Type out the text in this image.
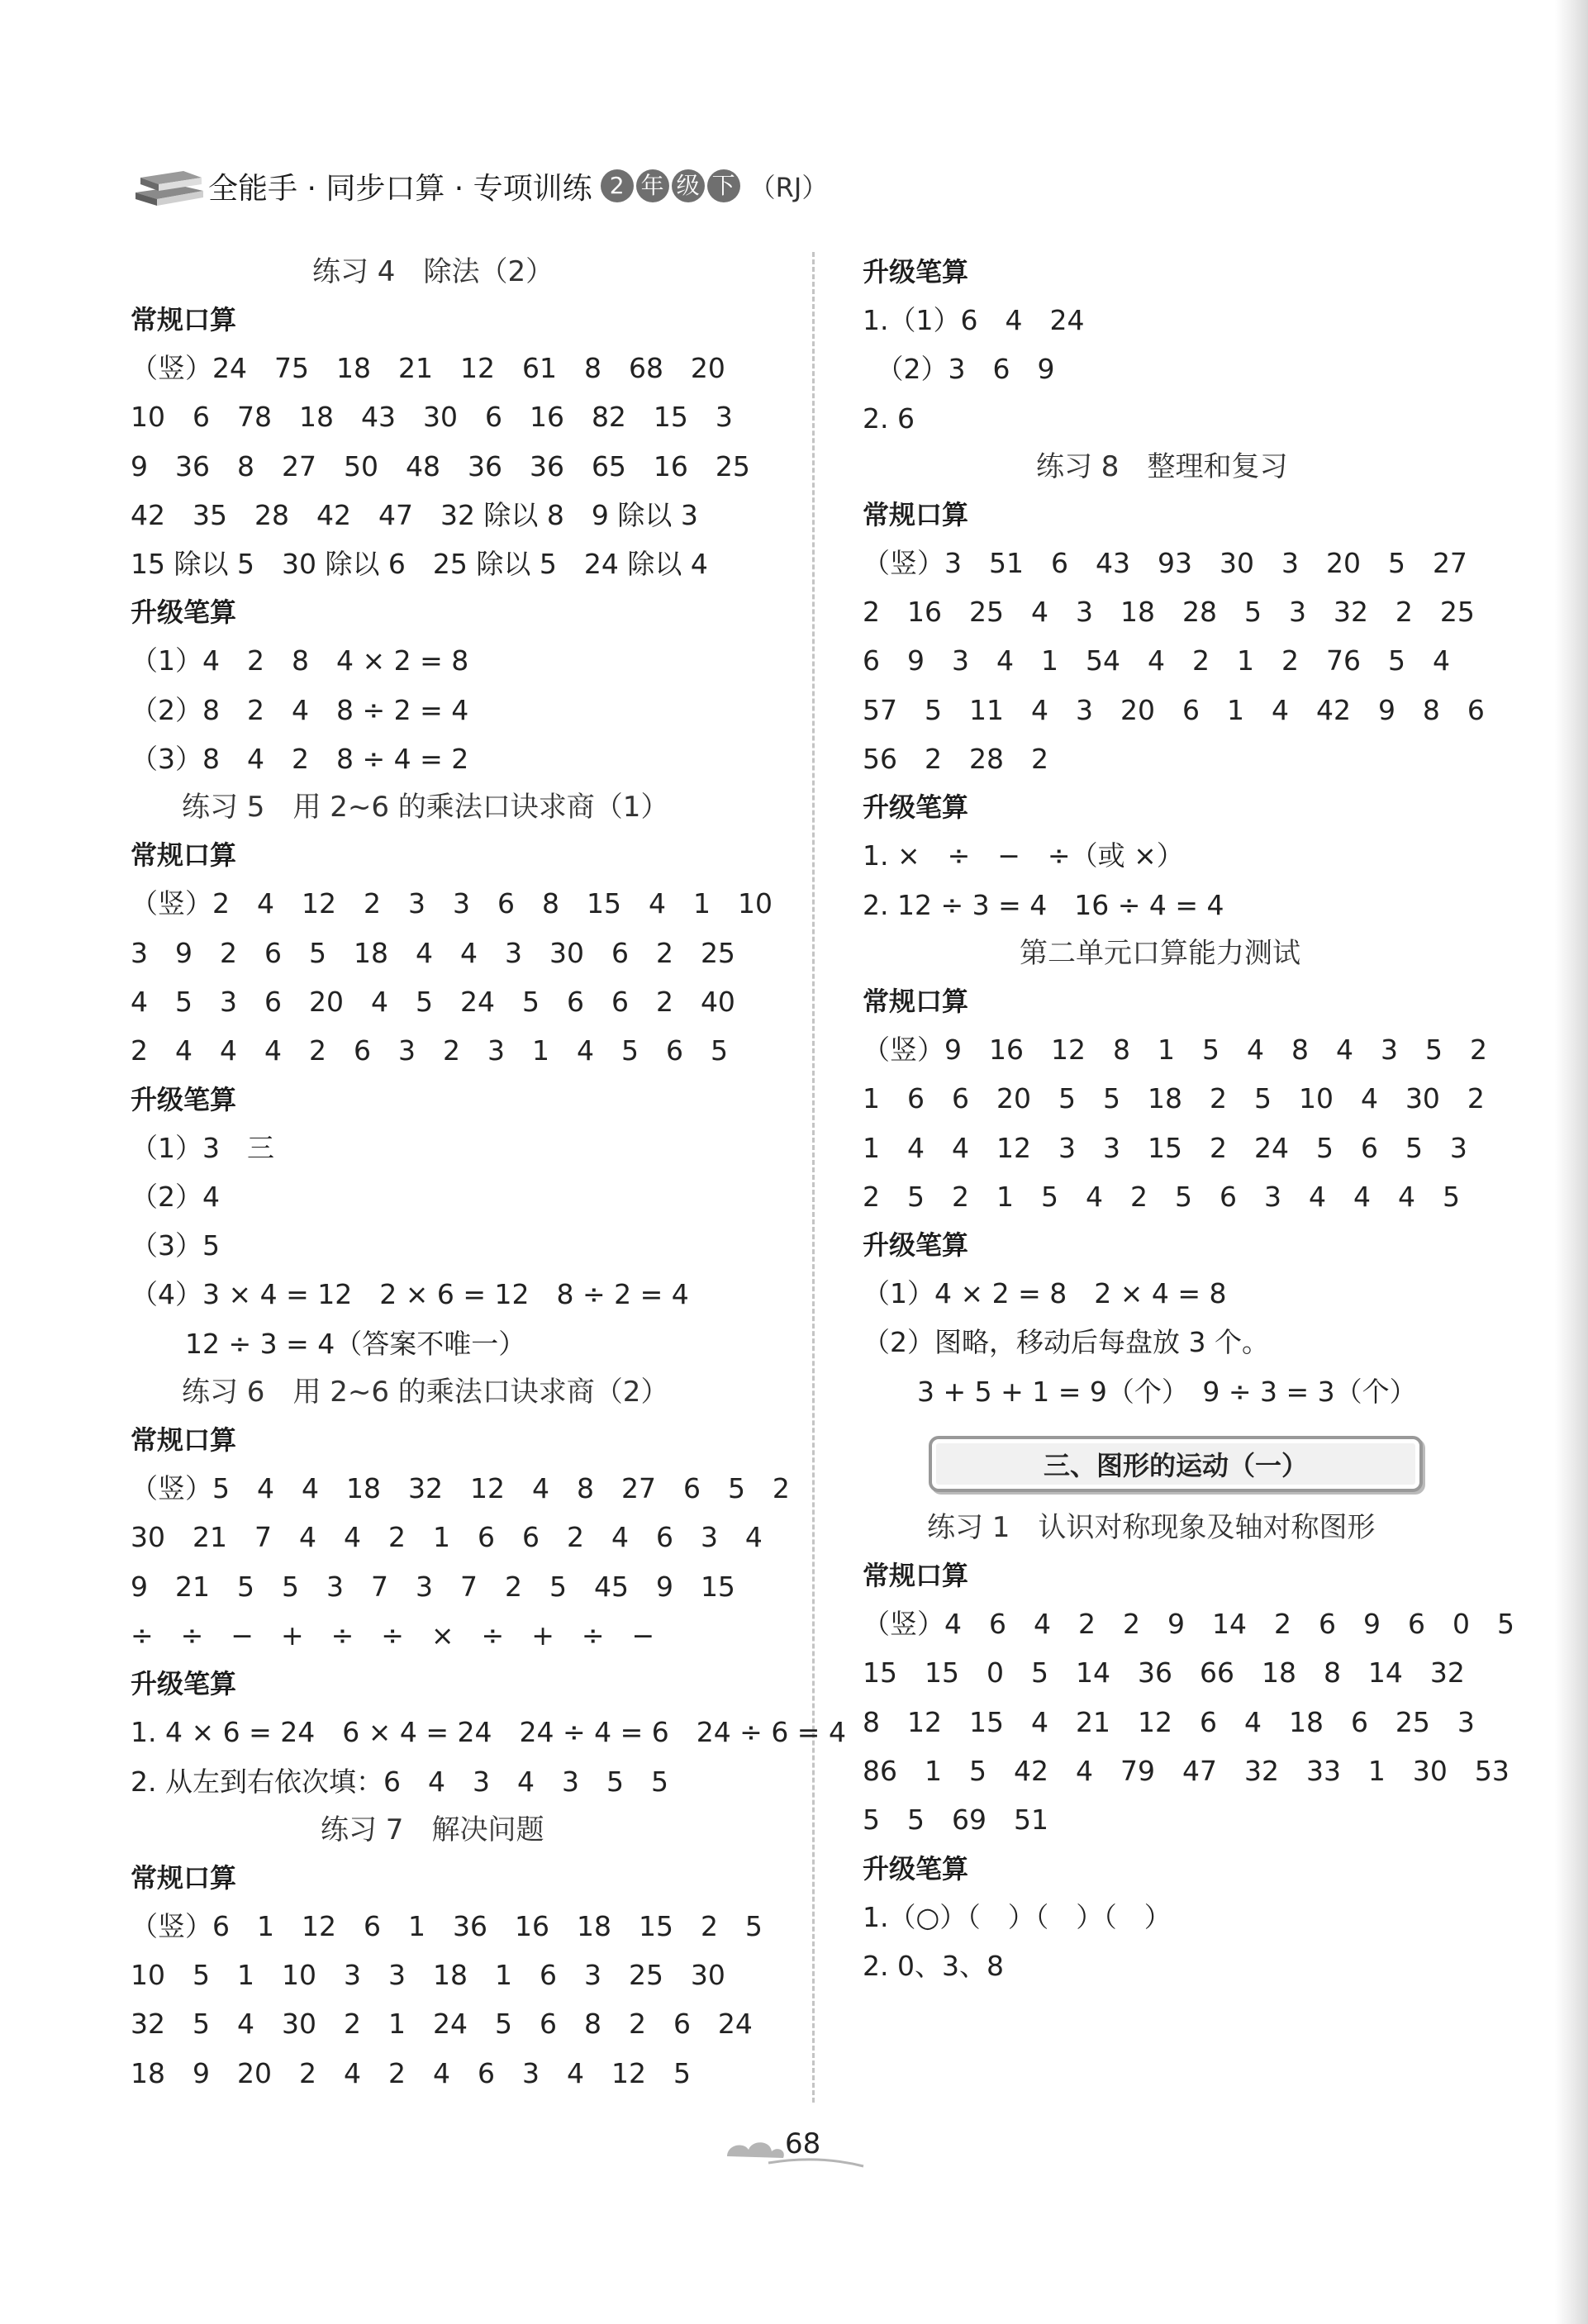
全能手 · 同步口算 · 专项训练 2 年 级 下 （RJ）
练习 4　除法（2）
常规口算
（竖）24　75　18　21　12　61　8　68　20
10　6　78　18　43　30　6　16　82　15　3
9　36　8　27　50　48　36　36　65　16　25
42　35　28　42　47　32 除以 8　9 除以 3
15 除以 5　30 除以 6　25 除以 5　24 除以 4
升级笔算
（1）4　2　8　4 × 2 = 8
（2）8　2　4　8 ÷ 2 = 4
（3）8　4　2　8 ÷ 4 = 2
练习 5　用 2~6 的乘法口诀求商（1）
常规口算
（竖）2　4　12　2　3　3　6　8　15　4　1　10
3　9　2　6　5　18　4　4　3　30　6　2　25
4　5　3　6　20　4　5　24　5　6　6　2　40
2　4　4　4　2　6　3　2　3　1　4　5　6　5
升级笔算
（1）3　三
（2）4
（3）5
（4）3 × 4 = 12　2 × 6 = 12　8 ÷ 2 = 4
　　12 ÷ 3 = 4（答案不唯一）
练习 6　用 2~6 的乘法口诀求商（2）
常规口算
（竖）5　4　4　18　32　12　4　8　27　6　5　2
30　21　7　4　4　2　1　6　6　2　4　6　3　4
9　21　5　5　3　7　3　7　2　5　45　9　15
÷　÷　−　+　÷　÷　×　÷　+　÷　−
升级笔算
1. 4 × 6 = 24　6 × 4 = 24　24 ÷ 4 = 6　24 ÷ 6 = 4
2. 从左到右依次填：6　4　3　4　3　5　5
练习 7　解决问题
常规口算
（竖）6　1　12　6　1　36　16　18　15　2　5
10　5　1　10　3　3　18　1　6　3　25　30
32　5　4　30　2　1　24　5　6　8　2　6　24
18　9　20　2　4　2　4　6　3　4　12　5
升级笔算
1.（1）6　4　24
　（2）3　6　9
2. 6
练习 8　整理和复习
常规口算
（竖）3　51　6　43　93　30　3　20　5　27
2　16　25　4　3　18　28　5　3　32　2　25
6　9　3　4　1　54　4　2　1　2　76　5　4
57　5　11　4　3　20　6　1　4　42　9　8　6
56　2　28　2
升级笔算
1. ×　÷　−　÷（或 ×）
2. 12 ÷ 3 = 4　16 ÷ 4 = 4
第二单元口算能力测试
常规口算
（竖）9　16　12　8　1　5　4　8　4　3　5　2
1　6　6　20　5　5　18　2　5　10　4　30　2
1　4　4　12　3　3　15　2　24　5　6　5　3
2　5　2　1　5　4　2　5　6　3　4　4　4　5
升级笔算
（1）4 × 2 = 8　2 × 4 = 8
（2）图略，移动后每盘放 3 个。
　　3 + 5 + 1 = 9（个）　9 ÷ 3 = 3（个）
三、图形的运动（一）
练习 1　认识对称现象及轴对称图形
常规口算
（竖）4　6　4　2　2　9　14　2　6　9　6　0　5
15　15　0　5　14　36　66　18　8　14　32
8　12　15　4　21　12　6　4　18　6　25　3
86　1　5　42　4　79　47　32　33　1　30　53
5　5　69　51
升级笔算
1.（○）（　）（　）（　）
2. 0、3、8
68
